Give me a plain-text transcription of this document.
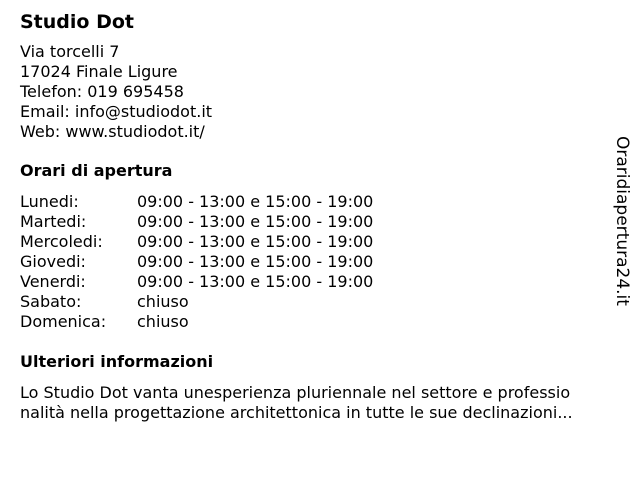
Studio Dot
Via torcelli 7
17024 Finale Ligure
Telefon: 019 695458
Email: info@studiodot.it
Web: www.studiodot.it/
Orari di apertura
Lunedi:	09:00 - 13:00 e 15:00 - 19:00
Martedi:	09:00 - 13:00 e 15:00 - 19:00
Mercoledi:	09:00 - 13:00 e 15:00 - 19:00
Giovedi:	09:00 - 13:00 e 15:00 - 19:00
Venerdi:	09:00 - 13:00 e 15:00 - 19:00
Sabato:	chiuso
Domenica:	chiuso
Ulteriori informazioni
Lo Studio Dot vanta unesperienza pluriennale nel settore e professio
nalità nella progettazione architettonica in tutte le sue declinazioni...
Oraridiapertura24.it
